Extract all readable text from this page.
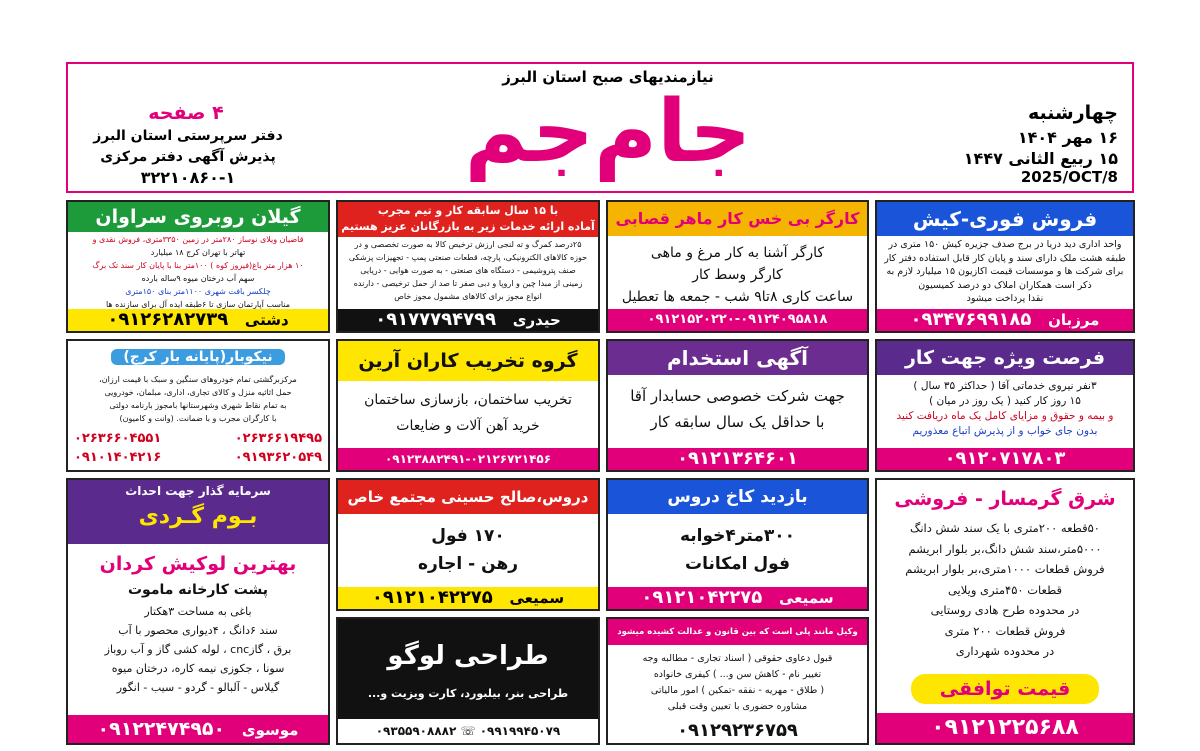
چهارشنبه
۱۶ مهر ۱۴۰۴
۱۵ ربیع الثانی ۱۴۴۷
2025/OCT/8
نیازمندیهای صبح استان البرز
جام‌جم
۴ صفحه
دفتر سرپرستی استان البرز
پذیرش آگهی دفتر مرکزی
۳۲۲۱۰۸۶۰-۱
فروش فوری-کیش
واحد اداری دید دریا در برج صدف جزیره کیش ۱۵۰ متری در
طبقه هشت ملک دارای سند و پایان کار قابل استفاده دفتر کار
برای شرکت ها و موسسات قیمت اکازیون ۱۵ میلیارد لازم به
ذکر است همکاران املاک دو درصد کمیسیون
نقدا پرداخت میشود
مرزبان   ۰۹۳۴۷۶۹۹۱۸۵
کارگر بی خس کار ماهر قصابی
کارگر آشنا به کار مرغ و ماهی
کارگر وسط کار
ساعت کاری ۸تا۹ شب - جمعه ها تعطیل
۰۹۱۲۱۵۲۰۲۲۰-۰۹۱۲۴۰۹۵۸۱۸
با ۱۵ سال سابقه کار و تیم مجرب
آماده ارائه خدمات زیر به بازرگانان عزیز هستیم
۲۵درصد کمرگ و ته لنجی ارزش ترخیص کالا به صورت تخصصی و در
حوزه کالاهای الکترونیکی، پارچه، قطعات صنعتی پمپ - تجهیزات پزشکی
صنف پتروشیمی - دستگاه های صنعتی - به صورت هوایی - دریایی
زمینی از مبدا چین و اروپا و دبی صفر تا صد از حمل ترخیصی - دارنده
انواع مجوز برای کالاهای مشمول مجوز خاص
حیدری   ۰۹۱۷۷۷۹۴۷۹۹
گیلان روبروی سراوان
قاضیان ویلای نوساز ۲۸۰متر در زمین ۳۳۵۰متری، فروش نقدی و
تهاتر با تهران کرج ۱۸ میلیارد
۱۰ هزار متر باغ(فیروز کوه ) ۱۰۰متر بنا با پایان کار سند تک برگ
سهم آب درختان میوه ۹ساله بارده
چلکسر بافت شهری ۱۱۰۰متر بنای ۱۵۰متری
مناسب آپارتمان سازی تا ۶طبقه ایده آل برای سازنده ها
دشتی   ۰۹۱۲۶۲۸۲۷۳۹
فرصت ویژه جهت کار
۳نفر نیروی خدماتی آقا ( حداکثر ۳۵ سال )
۱۵ روز کار کنید ( یک روز در میان )
و بیمه و حقوق و مزایای کامل یک ماه دریافت کنید
بدون جای خواب و از پذیرش اتباع معذوریم
۰۹۱۲۰۷۱۷۸۰۳
آگهی استخدام
جهت شرکت خصوصی حسابدار آقا
با حداقل یک سال سابقه کار
۰۹۱۲۱۳۶۴۶۰۱
گروه تخریب کاران آرین
تخریب ساختمان، بازسازی ساختمان
خرید آهن آلات و ضایعات
۰۹۱۲۳۸۸۲۴۹۱-۰۲۱۲۶۷۲۱۴۵۶
نیکوبار(پایانه بار کرج)
مرکزبرگشتی تمام خودروهای سنگین و سبک با قیمت ارزان،
حمل اثاثیه منزل و کالای تجاری، اداری، مبلمان، خودرویی
به تمام نقاط شهری وشهرستانها بامجوز بارنامه دولتی
با کارگران مجرب و با ضمانت. (وانت و کامیون)
۰۲۶۳۶۶۱۹۴۹۵
۰۲۶۳۶۶۰۴۵۵۱
۰۹۱۹۳۶۲۰۵۴۹
۰۹۱۰۱۴۰۴۲۱۶
شرق گرمسار - فروشی
۵۰قطعه ۲۰۰متری با یک سند شش دانگ
۵۰۰۰متر،سند شش دانگ،بر بلوار ابریشم
فروش قطعات ۱۰۰۰متری،بر بلوار ابریشم
قطعات ۴۵۰متری ویلایی
در محدوده طرح هادی روستایی
فروش قطعات ۲۰۰ متری
در محدوده شهرداری
قیمت توافقی
۰۹۱۲۱۲۲۵۶۸۸
بازدید کاخ دروس
۳۰۰متر۴خوابه
فول امکانات
سمیعی   ۰۹۱۲۱۰۴۲۲۷۵
دروس،صالح حسینی مجتمع خاص
۱۷۰ فول
رهن - اجاره
سمیعی   ۰۹۱۲۱۰۴۲۲۷۵
سرمایه گذار جهت احداث
بـوم گـردی
بهترین لوکیش کردان
پشت کارخانه ماموت
باغی به مساحت ۳هکتار
سند ۶دانگ ، ۴دیواری محصور با آب
برق ، گازcnc ، لوله کشی گاز و آب روباز
سونا ، جکوزی نیمه کاره، درختان میوه
گیلاس - آلبالو - گردو - سیب - انگور
موسوی   ۰۹۱۲۲۴۷۴۹۵۰
وکیل مانند پلی است که بین قانون و عدالت کشیده میشود
قبول دعاوی حقوقی ( اسناد تجاری - مطالبه وجه
تغییر نام - کاهش سن و... ) کیفری خانواده
( طلاق - مهریه - نفقه -تمکین ) امور مالیاتی
مشاوره حضوری با تعیین وقت قبلی
۰۹۱۲۹۲۳۶۷۵۹
طراحی لوگو
طراحی بنر، بیلبورد، کارت ویزیت و...
۰۹۹۱۹۹۴۵۰۷۹ ☏ ۰۹۳۵۵۹۰۸۸۸۲
